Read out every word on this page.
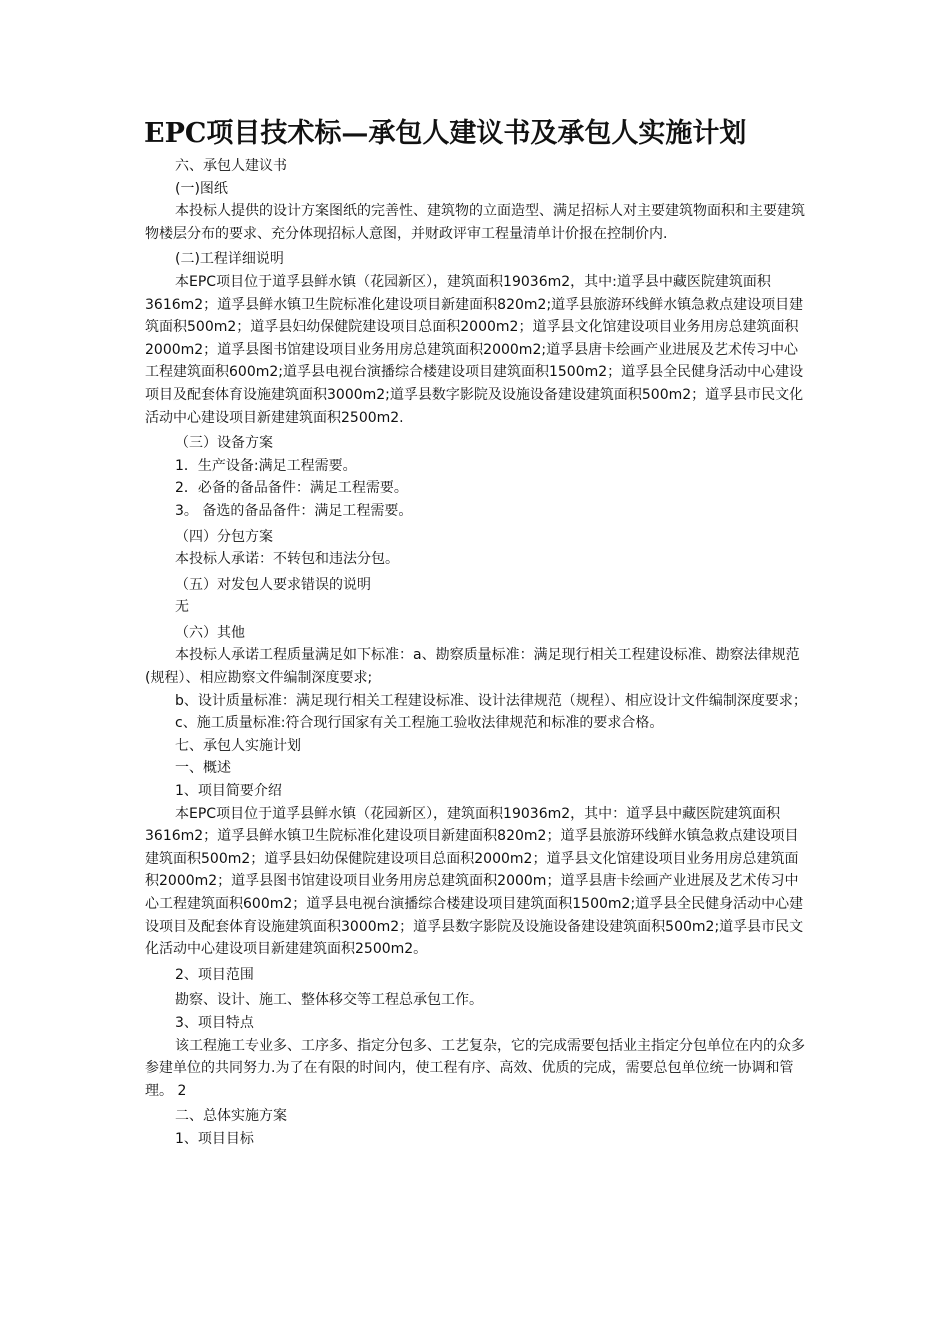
EPC项目技术标—承包人建议书及承包人实施计划

六、承包人建议书

(一)图纸

本投标人提供的设计方案图纸的完善性、建筑物的立面造型、满足招标人对主要建筑物面积和主要建筑物楼层分布的要求、充分体现招标人意图，并财政评审工程量清单计价报在控制价内.

(二)工程详细说明

本EPC项目位于道孚县鲜水镇（花园新区），建筑面积19036m2，其中:道孚县中藏医院建筑面积3616m2；道孚县鲜水镇卫生院标准化建设项目新建面积820m2;道孚县旅游环线鲜水镇急救点建设项目建筑面积500m2；道孚县妇幼保健院建设项目总面积2000m2；道孚县文化馆建设项目业务用房总建筑面积2000m2；道孚县图书馆建设项目业务用房总建筑面积2000m2;道孚县唐卡绘画产业进展及艺术传习中心工程建筑面积600m2;道孚县电视台演播综合楼建设项目建筑面积1500m2；道孚县全民健身活动中心建设项目及配套体育设施建筑面积3000m2;道孚县数字影院及设施设备建设建筑面积500m2；道孚县市民文化活动中心建设项目新建建筑面积2500m2.

（三）设备方案

1．生产设备:满足工程需要。

2．必备的备品备件：满足工程需要。

3。 备选的备品备件：满足工程需要。

（四）分包方案

本投标人承诺：不转包和违法分包。

（五）对发包人要求错误的说明

无

（六）其他

本投标人承诺工程质量满足如下标准：a、勘察质量标准：满足现行相关工程建设标准、勘察法律规范(规程）、相应勘察文件编制深度要求;

b、设计质量标准：满足现行相关工程建设标准、设计法律规范（规程）、相应设计文件编制深度要求；

c、施工质量标准:符合现行国家有关工程施工验收法律规范和标准的要求合格。

七、承包人实施计划

一、概述

1、项目简要介绍

本EPC项目位于道孚县鲜水镇（花园新区），建筑面积19036m2，其中：道孚县中藏医院建筑面积3616m2；道孚县鲜水镇卫生院标准化建设项目新建面积820m2；道孚县旅游环线鲜水镇急救点建设项目建筑面积500m2；道孚县妇幼保健院建设项目总面积2000m2；道孚县文化馆建设项目业务用房总建筑面积2000m2；道孚县图书馆建设项目业务用房总建筑面积2000m；道孚县唐卡绘画产业进展及艺术传习中心工程建筑面积600m2；道孚县电视台演播综合楼建设项目建筑面积1500m2;道孚县全民健身活动中心建设项目及配套体育设施建筑面积3000m2；道孚县数字影院及设施设备建设建筑面积500m2;道孚县市民文化活动中心建设项目新建建筑面积2500m2。

2、项目范围

勘察、设计、施工、整体移交等工程总承包工作。

3、项目特点

该工程施工专业多、工序多、指定分包多、工艺复杂，它的完成需要包括业主指定分包单位在内的众多参建单位的共同努力.为了在有限的时间内，使工程有序、高效、优质的完成，需要总包单位统一协调和管理。 2

二、总体实施方案

1、项目目标
